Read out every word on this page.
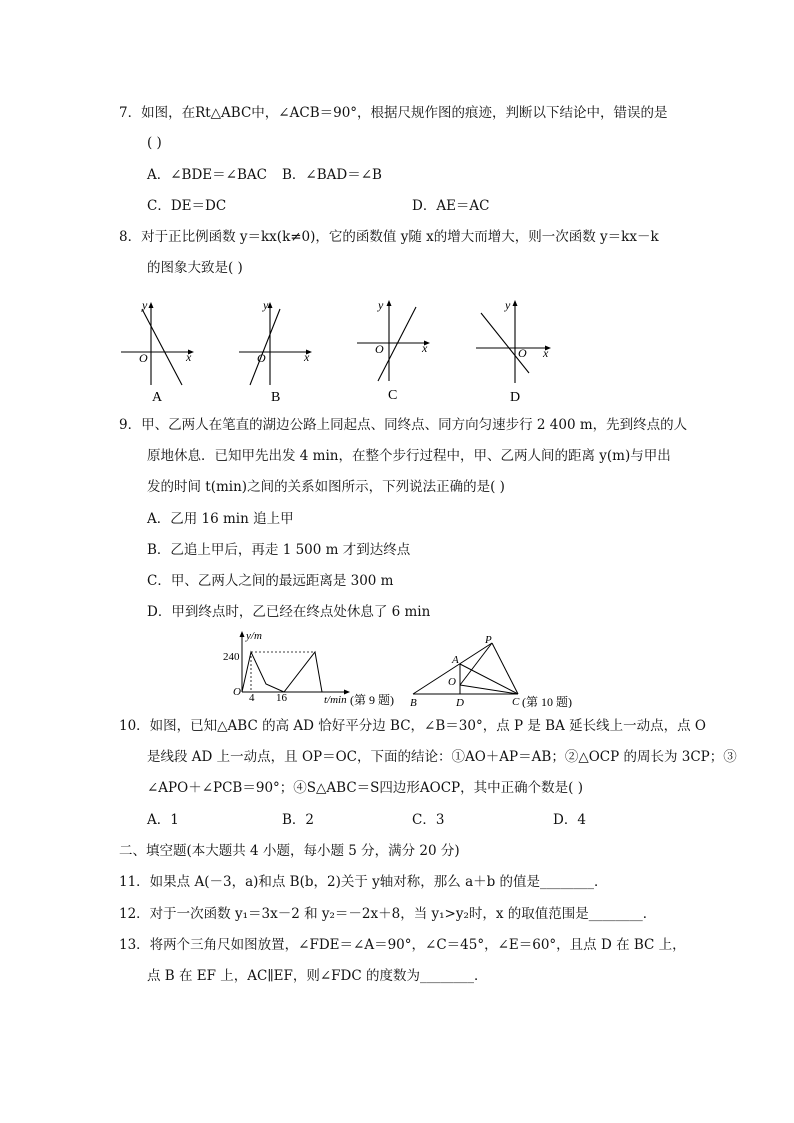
7．如图，在Rt△ABC中，∠ACB＝90°，根据尺规作图的痕迹，判断以下结论中，错误的是
( )
A．∠BDE＝∠BAC B．∠BAD＝∠B
C．DE＝DC	D．AE＝AC
8．对于正比例函数 y＝kx(k≠0)，它的函数值 y随 x的增大而增大，则一次函数 y＝kx－k
的图象大致是( )
y
x
O
A
y
x
O
B
y
x
O
C
y
x
O
D
9．甲、乙两人在笔直的湖边公路上同起点、同终点、同方向匀速步行 2 400 m，先到终点的人
原地休息．已知甲先出发 4 min，在整个步行过程中，甲、乙两人间的距离 y(m)与甲出
发的时间 t(min)之间的关系如图所示，下列说法正确的是( )
A．乙用 16 min 追上甲
B．乙追上甲后，再走 1 500 m 才到达终点
C．甲、乙两人之间的最远距离是 300 m
D．甲到终点时，乙已经在终点处休息了 6 min
y/m
240
O 4 16	t/min (第 9 题)
P
A
O
B	D	C (第 10 题)
10．如图，已知△ABC 的高 AD 恰好平分边 BC，∠B＝30°，点 P 是 BA 延长线上一动点，点 O
是线段 AD 上一动点，且 OP＝OC，下面的结论：①AO＋AP＝AB；②△OCP 的周长为 3CP；③
∠APO＋∠PCB＝90°；④S△ABC＝S四边形AOCP，其中正确个数是( )
A．1	B．2	C．3	D．4
二、填空题(本大题共 4 小题，每小题 5 分，满分 20 分)
11．如果点 A(－3，a)和点 B(b，2)关于 y轴对称，那么 a＋b 的值是________．
12．对于一次函数 y₁＝3x－2 和 y₂＝－2x＋8，当 y₁>y₂时，x 的取值范围是________．
13．将两个三角尺如图放置，∠FDE＝∠A＝90°，∠C＝45°，∠E＝60°，且点 D 在 BC 上，
点 B 在 EF 上，AC∥EF，则∠FDC 的度数为________．
